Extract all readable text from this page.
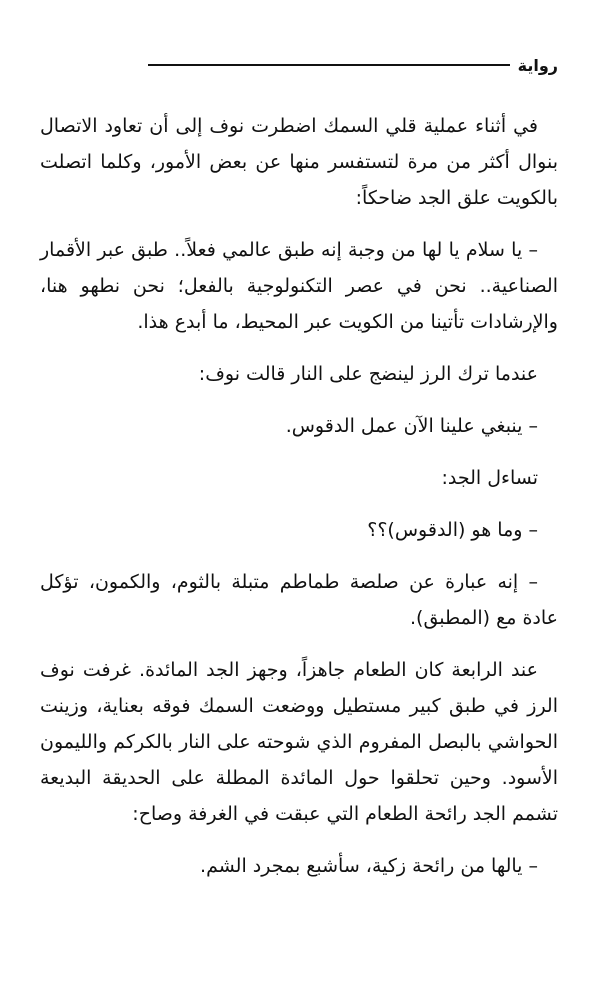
رواية

في أثناء عملية قلي السمك اضطرت نوف إلى أن تعاود الاتصال بنوال أكثر من مرة لتستفسر منها عن بعض الأمور، وكلما اتصلت بالكويت علق الجد ضاحكاً:

– يا سلام يا لها من وجبة إنه طبق عالمي فعلاً.. طبق عبر الأقمار الصناعية.. نحن في عصر التكنولوجية بالفعل؛ نحن نطهو هنا، والإرشادات تأتينا من الكويت عبر المحيط، ما أبدع هذا.

عندما ترك الرز لينضج على النار قالت نوف:

– ينبغي علينا الآن عمل الدقوس.

تساءل الجد:

– وما هو (الدقوس)؟؟

– إنه عبارة عن صلصة طماطم متبلة بالثوم، والكمون، تؤكل عادة مع (المطبق).

عند الرابعة كان الطعام جاهزاً، وجهز الجد المائدة. غرفت نوف الرز في طبق كبير مستطيل ووضعت السمك فوقه بعناية، وزينت الحواشي بالبصل المفروم الذي شوحته على النار بالكركم والليمون الأسود. وحين تحلقوا حول المائدة المطلة على الحديقة البديعة تشمم الجد رائحة الطعام التي عبقت في الغرفة وصاح:

– يالها من رائحة زكية، سأشبع بمجرد الشم.
